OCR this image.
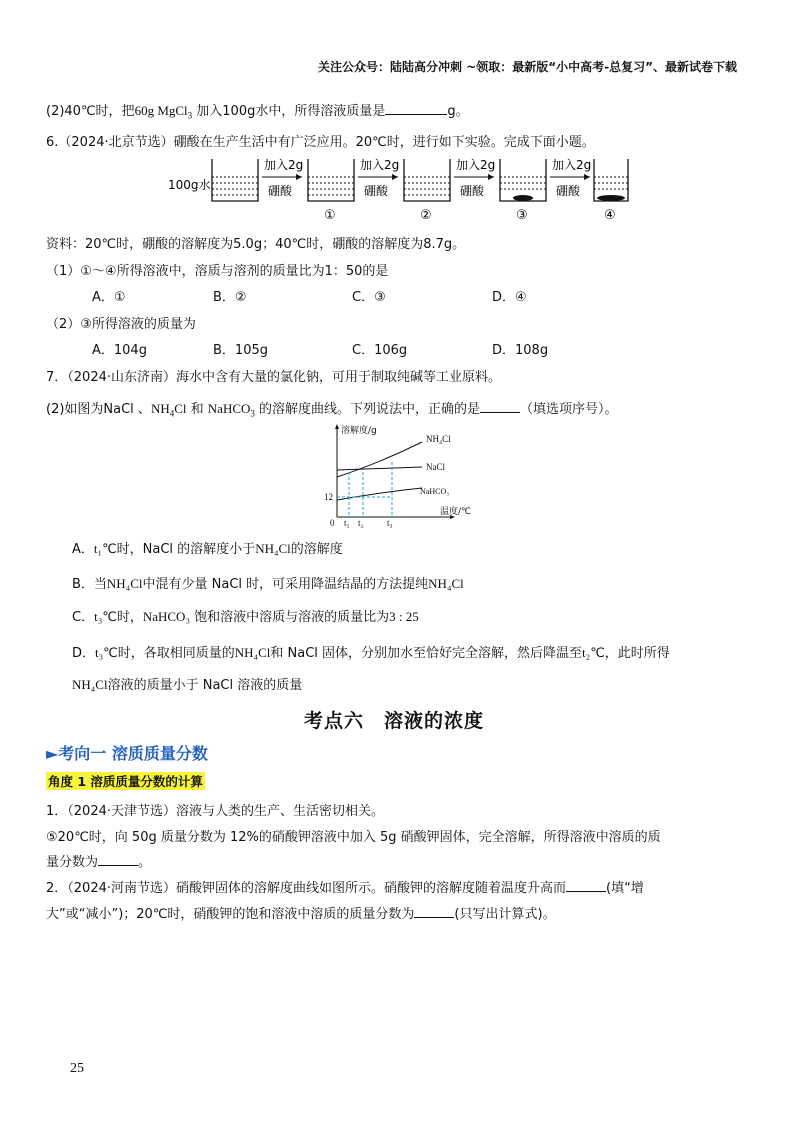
关注公众号：陆陆高分冲刺 ~领取：最新版“小中高考-总复习”、最新试卷下载
(2)40℃时，把60g MgCl$_3$ 加入100g水中，所得溶液质量是	g。
6.（2024·北京节选）硼酸在生产生活中有广泛应用。20℃时，进行如下实验。完成下面小题。
100g水
加入2g
硼酸
①
加入2g
硼酸
②
加入2g
硼酸
③
加入2g
硼酸
④
资料：20℃时，硼酸的溶解度为5.0g；40℃时，硼酸的溶解度为8.7g。
（1）①～④所得溶液中，溶质与溶剂的质量比为1：50的是
A．①	B．②	C．③	D．④
（2）③所得溶液的质量为
A．104g	B．105g	C．106g	D．108g
7．（2024·山东济南）海水中含有大量的氯化钠，可用于制取纯碱等工业原料。
(2)如图为NaCl 、$NH_4Cl$ 和 NaHCO$_3$ 的溶解度曲线。下列说法中，正确的是	（填选项序号）。
溶解度/g
温度/℃
0
12
t₁ t₂	t₃
NH₄Cl
NaCl
NaHCO₃
A．t₁℃时，NaCl 的溶解度小于NH₄Cl的溶解度
B．当NH₄Cl中混有少量 NaCl 时，可采用降温结晶的方法提纯NH₄Cl
C．t₃℃时，NaHCO₃ 饱和溶液中溶质与溶液的质量比为3 : 25
D．t₃℃时，各取相同质量的NH₄Cl和 NaCl 固体，分别加水至恰好完全溶解，然后降温至t₂℃，此时所得
NH₄Cl溶液的质量小于 NaCl 溶液的质量
考点六　溶液的浓度
►考向一 溶质质量分数
角度 1 溶质质量分数的计算
1．（2024·天津节选）溶液与人类的生产、生活密切相关。
⑤20℃时，向 50g 质量分数为 12%的硝酸钾溶液中加入 5g 硝酸钾固体，完全溶解，所得溶液中溶质的质
量分数为	。
2．（2024·河南节选）硝酸钾固体的溶解度曲线如图所示。硝酸钾的溶解度随着温度升高而	(填“增
大”或“减小”)；20℃时，硝酸钾的饱和溶液中溶质的质量分数为	(只写出计算式)。
25
